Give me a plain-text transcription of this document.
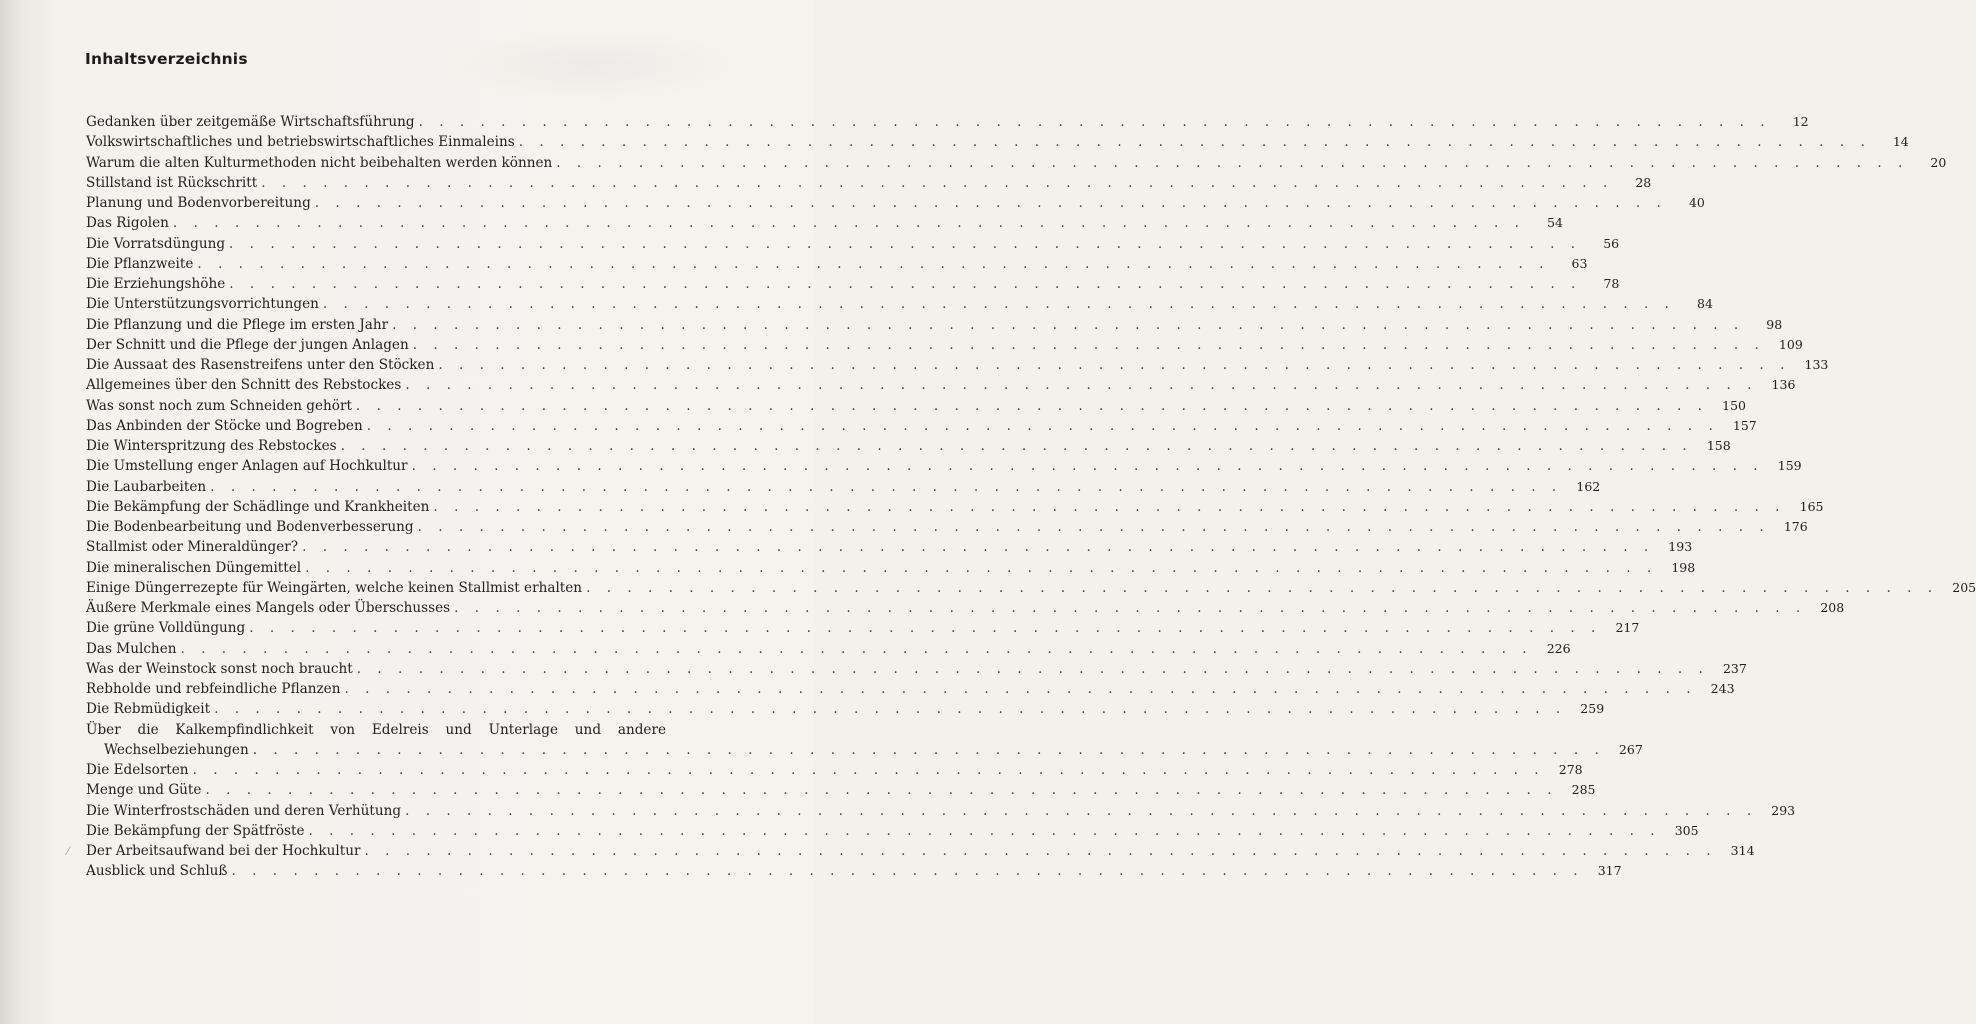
Inhaltsverzeichnis
Gedanken über zeitgemäße Wirtschaftsführung . . .	12
Volkswirtschaftliches und betriebswirtschaftliches Einmaleins . . .	14
Warum die alten Kulturmethoden nicht beibehalten werden können . . .	20
Stillstand ist Rückschritt . . .	28
Planung und Bodenvorbereitung . . .	40
Das Rigolen . . .	54
Die Vorratsdüngung . . .	56
Die Pflanzweite . . .	63
Die Erziehungshöhe . . .	78
Die Unterstützungsvorrichtungen . . .	84
Die Pflanzung und die Pflege im ersten Jahr . . .	98
Der Schnitt und die Pflege der jungen Anlagen . . .	109
Die Aussaat des Rasenstreifens unter den Stöcken . . .	133
Allgemeines über den Schnitt des Rebstockes . . .	136
Was sonst noch zum Schneiden gehört . . .	150
Das Anbinden der Stöcke und Bogreben . . .	157
Die Winterspritzung des Rebstockes . . .	158
Die Umstellung enger Anlagen auf Hochkultur . . .	159
Die Laubarbeiten . . .	162
Die Bekämpfung der Schädlinge und Krankheiten . . .	165
Die Bodenbearbeitung und Bodenverbesserung . . .	176
Stallmist oder Mineraldünger? . . .	193
Die mineralischen Düngemittel . . .	198
Einige Düngerrezepte für Weingärten, welche keinen Stallmist erhalten . . .	205
Äußere Merkmale eines Mangels oder Überschusses . . .	208
Die grüne Volldüngung . . .	217
Das Mulchen . . .	226
Was der Weinstock sonst noch braucht . . .	237
Rebholde und rebfeindliche Pflanzen . . .	243
Die Rebmüdigkeit . . .	259
Über die Kalkempfindlichkeit von Edelreis und Unterlage und andere
Wechselbeziehungen . . .	267
Die Edelsorten . . .	278
Menge und Güte . . .	285
Die Winterfrostschäden und deren Verhütung . . .	293
Die Bekämpfung der Spätfröste . . .	305
Der Arbeitsaufwand bei der Hochkultur . . .	314
Ausblick und Schluß . . .	317
⁄
